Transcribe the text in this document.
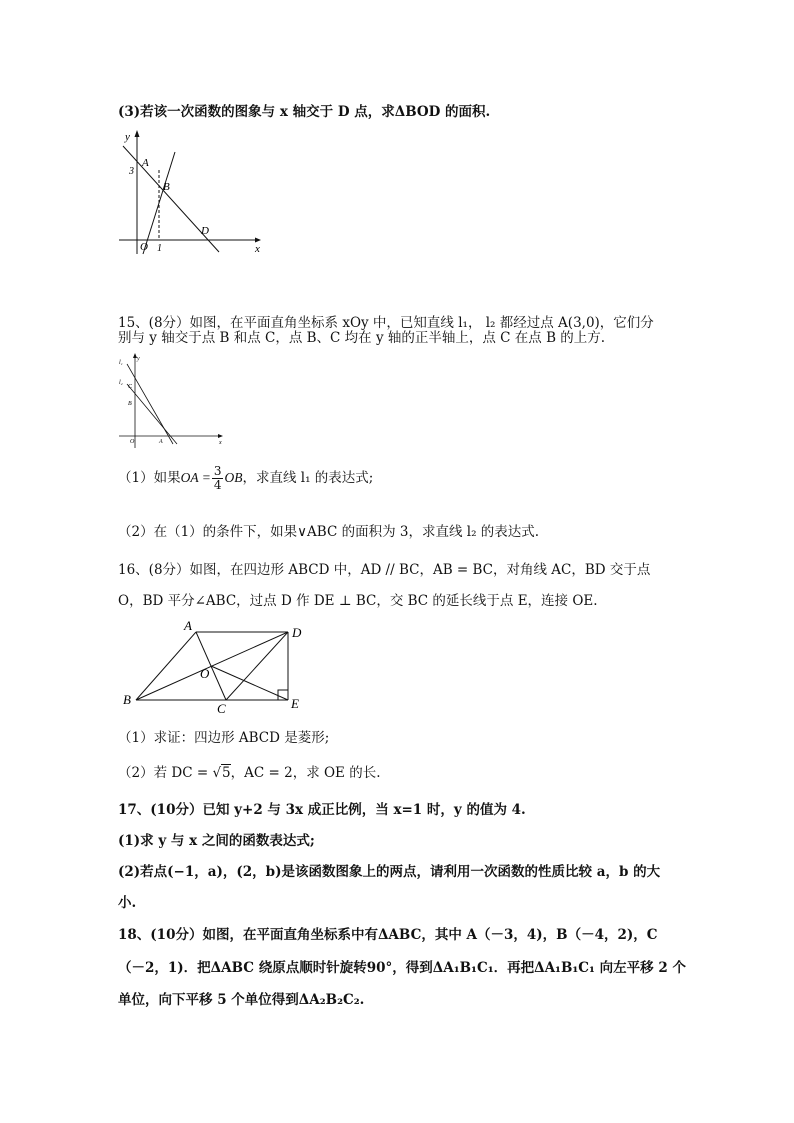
(3)若该一次函数的图象与 x 轴交于 D 点，求ΔBOD 的面积.
y
x
A
B
D
O
3
1
15、(8分）如图，在平面直角坐标系 xOy 中，已知直线 l₁， l₂ 都经过点 A(3,0)，它们分
别与 y 轴交于点 B 和点 C，点 B、C 均在 y 轴的正半轴上，点 C 在点 B 的上方.
y
x
l₁
l₂
C
B
O	A
（1）如果OA = $\frac{3}{4}$ OB，求直线 l₁ 的表达式;
（2）在（1）的条件下，如果∨ABC 的面积为 3，求直线 l₂ 的表达式.
16、(8分）如图，在四边形 ABCD 中，AD // BC，AB = BC，对角线 AC，BD 交于点
O，BD 平分∠ABC，过点 D 作 DE ⊥ BC，交 BC 的延长线于点 E，连接 OE.
A	D
O
B
C	E
（1）求证：四边形 ABCD 是菱形;
（2）若 DC = √5，AC = 2，求 OE 的长.
17、(10分）已知 y+2 与 3x 成正比例，当 x=1 时，y 的值为 4.
(1)求 y 与 x 之间的函数表达式;
(2)若点(−1，a)，(2，b)是该函数图象上的两点，请利用一次函数的性质比较 a，b 的大
小.
18、(10分）如图，在平面直角坐标系中有ΔABC，其中 A（－3，4)，B（－4，2)，C
（－2，1)．把ΔABC 绕原点顺时针旋转90°，得到ΔA₁B₁C₁．再把ΔA₁B₁C₁ 向左平移 2 个
单位，向下平移 5 个单位得到ΔA₂B₂C₂.
